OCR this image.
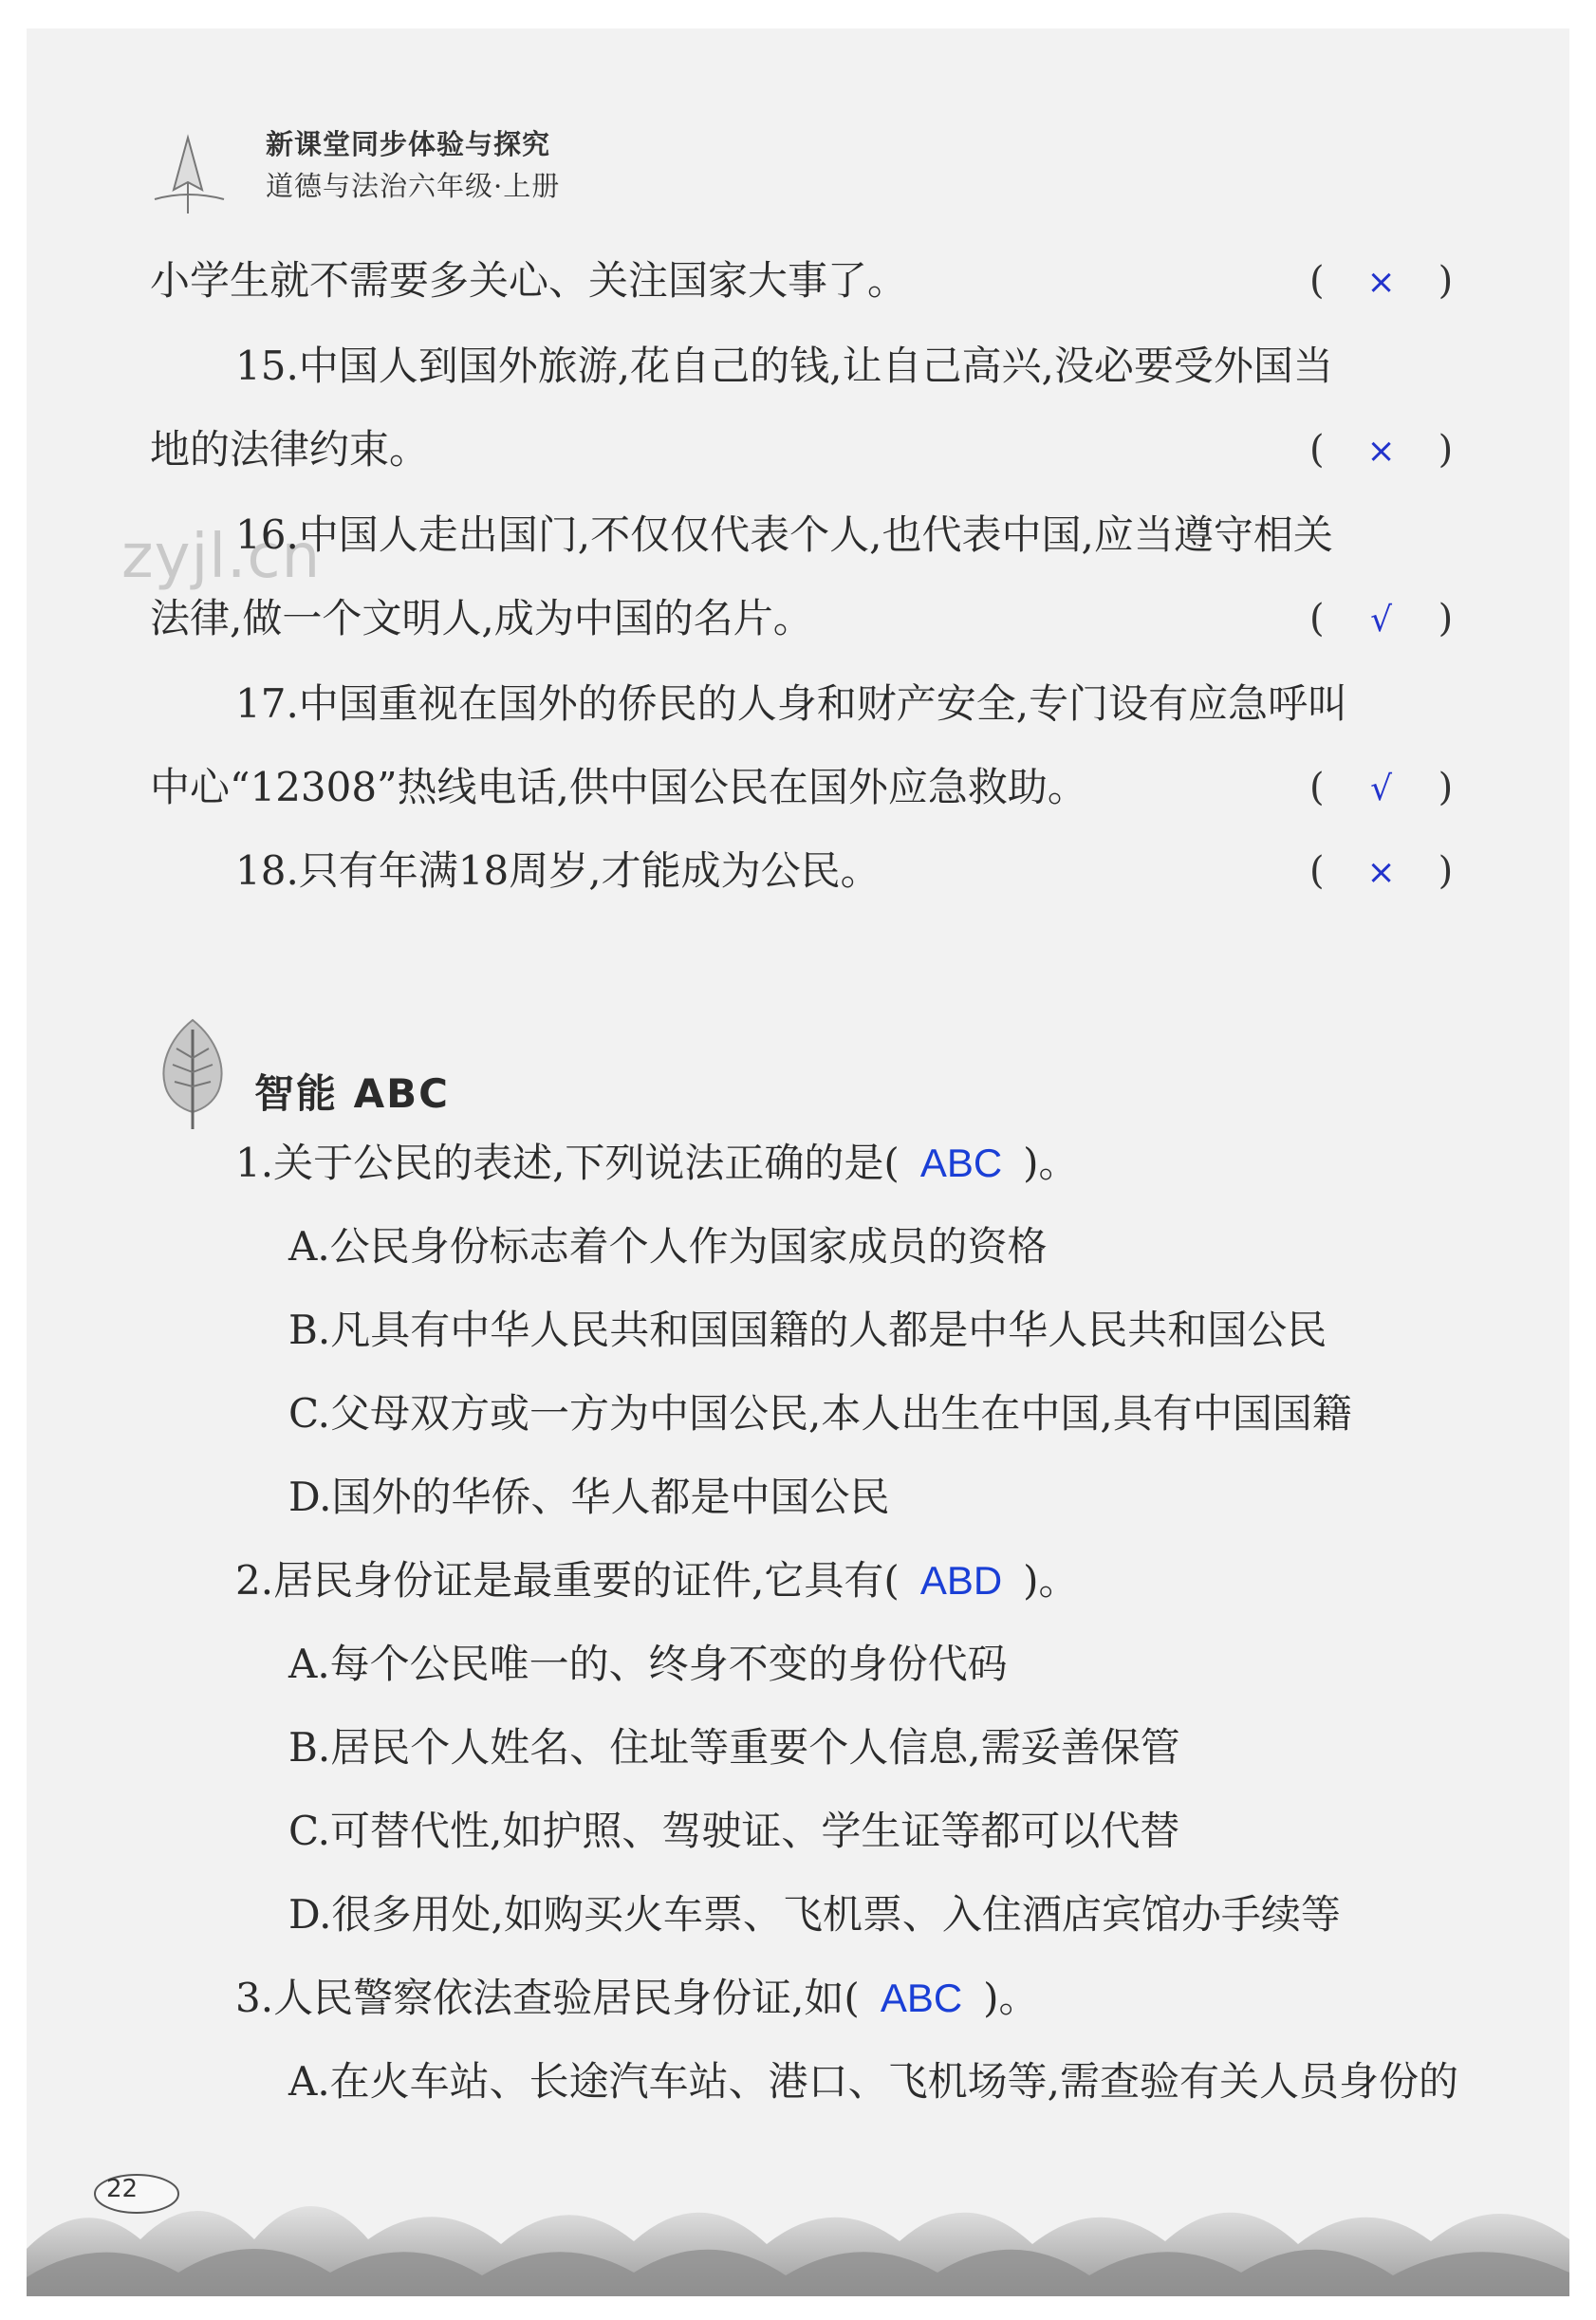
新课堂同步体验与探究
道德与法治六年级·上册
zyjl.cn
小学生就不需要多关心、关注国家大事了。	( × )
15.中国人到国外旅游,花自己的钱,让自己高兴,没必要受外国当
地的法律约束。	( × )
16.中国人走出国门,不仅仅代表个人,也代表中国,应当遵守相关
法律,做一个文明人,成为中国的名片。	( √ )
17.中国重视在国外的侨民的人身和财产安全,专门设有应急呼叫
中心“12308”热线电话,供中国公民在国外应急救助。	( √ )
18.只有年满18周岁,才能成为公民。	( × )
智能 ABC
1.关于公民的表述,下列说法正确的是( ABC )。
A.公民身份标志着个人作为国家成员的资格
B.凡具有中华人民共和国国籍的人都是中华人民共和国公民
C.父母双方或一方为中国公民,本人出生在中国,具有中国国籍
D.国外的华侨、华人都是中国公民
2.居民身份证是最重要的证件,它具有( ABD )。
A.每个公民唯一的、终身不变的身份代码
B.居民个人姓名、住址等重要个人信息,需妥善保管
C.可替代性,如护照、驾驶证、学生证等都可以代替
D.很多用处,如购买火车票、飞机票、入住酒店宾馆办手续等
3.人民警察依法查验居民身份证,如( ABC )。
A.在火车站、长途汽车站、港口、飞机场等,需查验有关人员身份的
22
